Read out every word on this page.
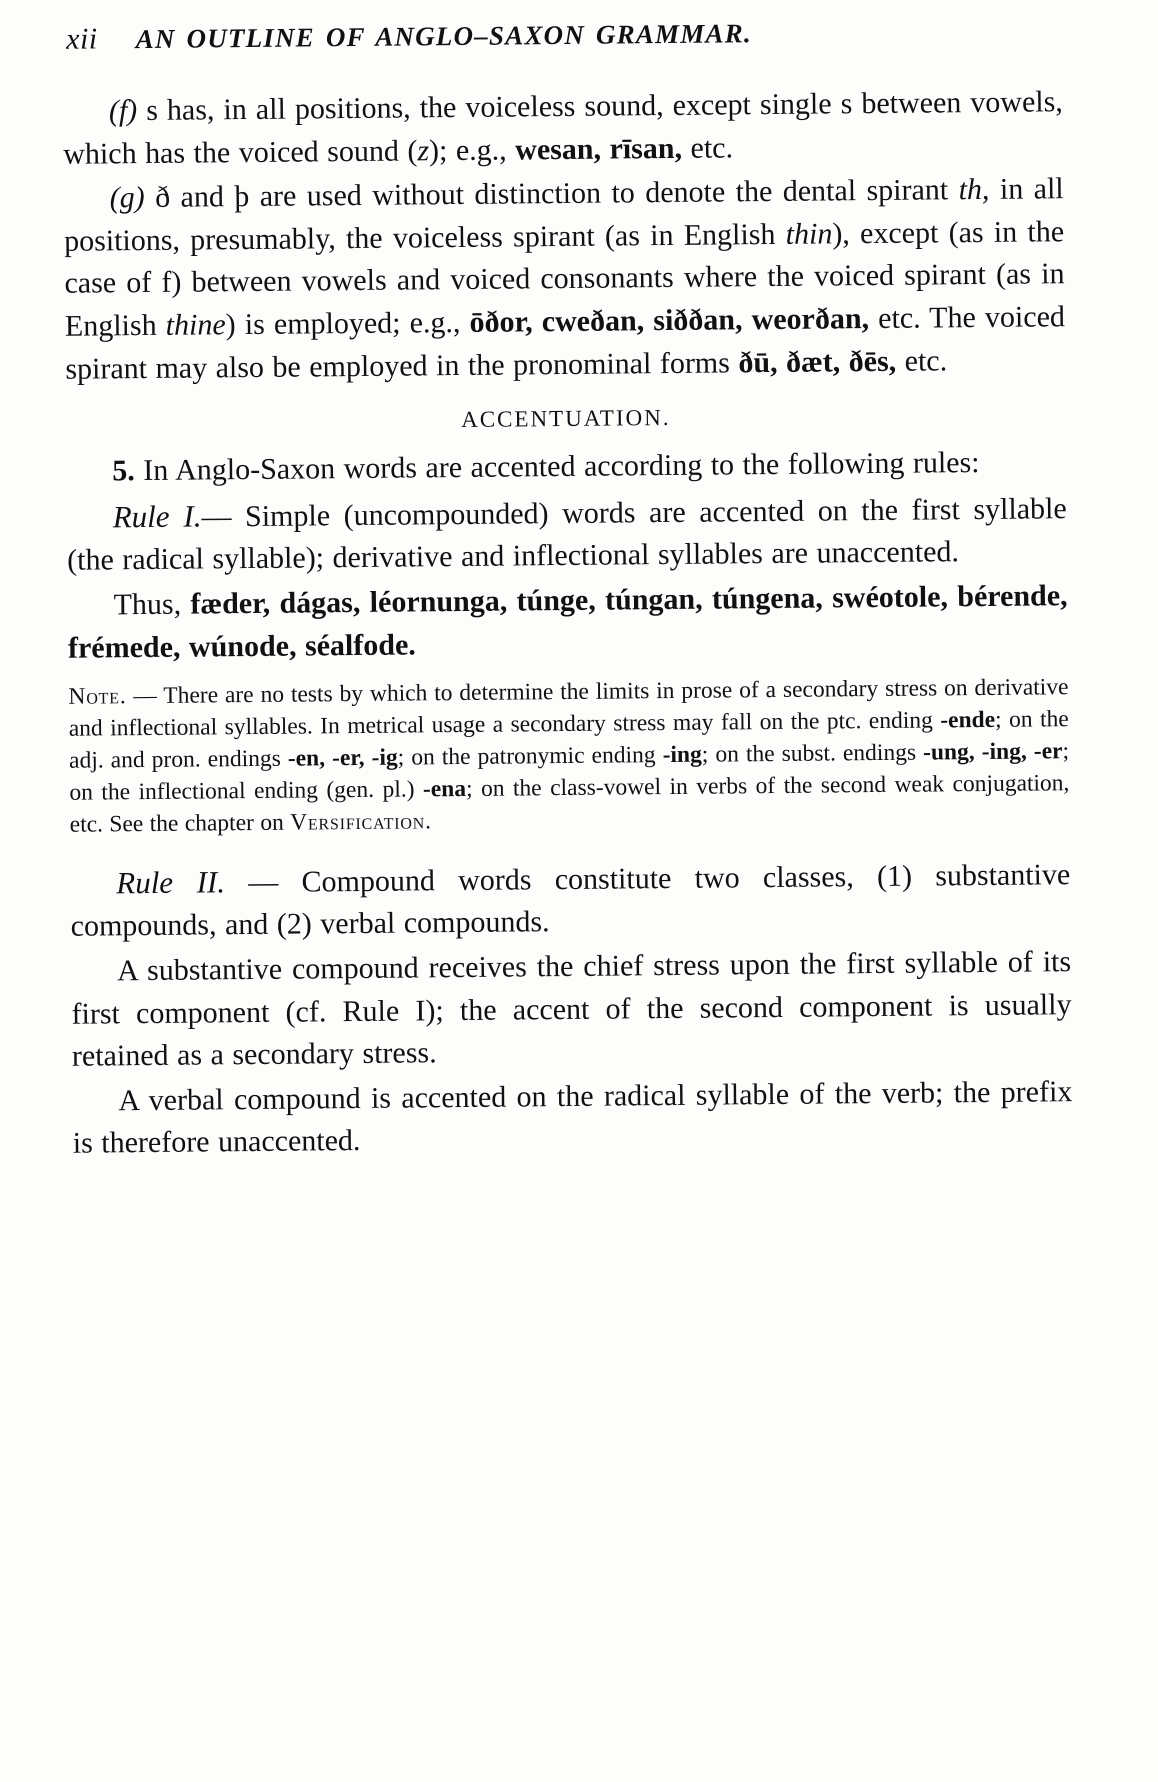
xii AN OUTLINE OF ANGLO–SAXON GRAMMAR.

(f) s has, in all positions, the voiceless sound, except single s between vowels, which has the voiced sound (z); e.g., wesan, rīsan, etc.

(g) ð and þ are used without distinction to denote the dental spirant th, in all positions, presumably, the voiceless spirant (as in English thin), except (as in the case of f) between vowels and voiced consonants where the voiced spirant (as in English thine) is employed; e.g., ōðor, cweðan, siððan, weorðan, etc. The voiced spirant may also be employed in the pronominal forms ðū, ðæt, ðēs, etc.

ACCENTUATION.

5. In Anglo-Saxon words are accented according to the following rules:

Rule I.— Simple (uncompounded) words are accented on the first syllable (the radical syllable); derivative and inflectional syllables are unaccented.

Thus, fæder, dágas, léornunga, túnge, túngan, túngena, swéotole, bérende, frémede, wúnode, séalfode.

Note. — There are no tests by which to determine the limits in prose of a secondary stress on derivative and inflectional syllables. In metrical usage a secondary stress may fall on the ptc. ending -ende; on the adj. and pron. endings -en, -er, -ig; on the patronymic ending -ing; on the subst. endings -ung, -ing, -er; on the inflectional ending (gen. pl.) -ena; on the class-vowel in verbs of the second weak conjugation, etc. See the chapter on Versification.

Rule II. — Compound words constitute two classes, (1) substantive compounds, and (2) verbal compounds.

A substantive compound receives the chief stress upon the first syllable of its first component (cf. Rule I); the accent of the second component is usually retained as a secondary stress.

A verbal compound is accented on the radical syllable of the verb; the prefix is therefore unaccented.
